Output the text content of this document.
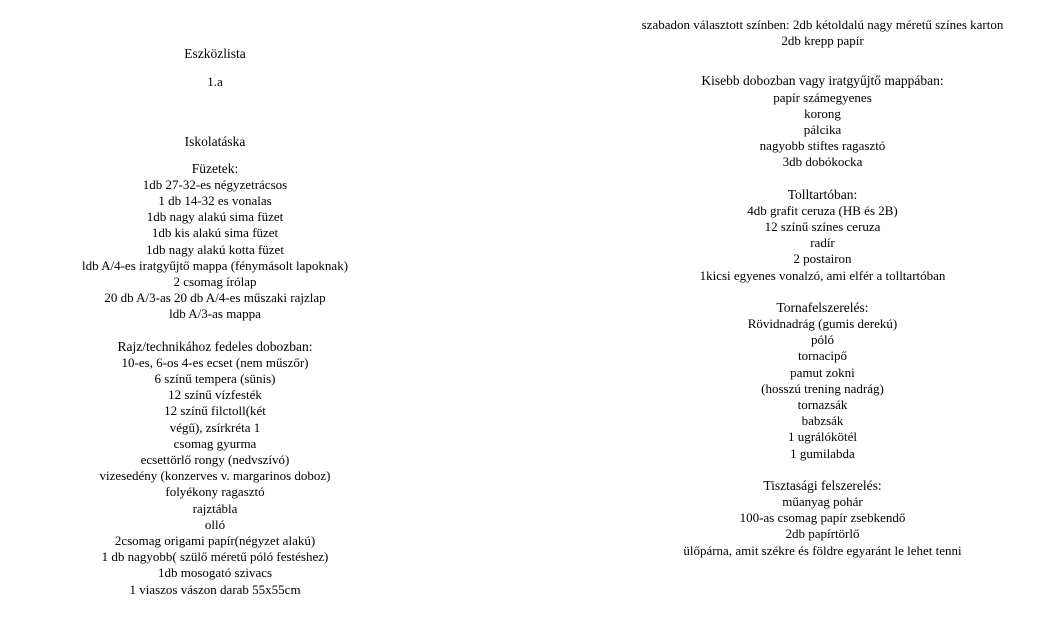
Eszközlista
1.a
Iskolatáska
Füzetek:
1db 27-32-es négyzetrácsos
1 db 14-32 es vonalas
1db nagy alakú sima füzet
1db kis alakú sima füzet
1db nagy alakú kotta füzet
ldb A/4-es iratgyűjtő mappa (fénymásolt lapoknak)
2 csomag írólap
20 db A/3-as 20 db A/4-es műszaki rajzlap
ldb A/3-as mappa
Rajz/technikához fedeles dobozban:
10-es, 6-os 4-es ecset (nem műszőr)
6 színű tempera (sünis)
12 színű vízfesték
12 színű filctoll(két
végű), zsírkréta 1
csomag gyurma
ecsettörlő rongy (nedvszívó)
vizesedény (konzerves v. margarinos doboz)
folyékony ragasztó
rajztábla
olló
2csomag origami papír(négyzet alakú)
1 db nagyobb( szülő méretű póló festéshez)
1db mosogató szivacs
1 viaszos vászon darab 55x55cm
szabadon választott színben: 2db kétoldalú nagy méretű színes karton
2db krepp papír
Kisebb dobozban vagy iratgyűjtő mappában:
papír számegyenes
korong
pálcika
nagyobb stiftes ragasztó
3db dobókocka
Tolltartóban:
4db grafit ceruza (HB és 2B)
12 színű színes ceruza
radír
2 postairon
1kicsi egyenes vonalzó, ami elfér a tolltartóban
Tornafelszerelés:
Rövidnadrág (gumis derekú)
póló
tornacipő
pamut zokni
(hosszú trening nadrág)
tornazsák
babzsák
1 ugrálókötél
1 gumilabda
Tisztasági felszerelés:
műanyag pohár
100-as csomag papír zsebkendő
2db papírtörlő
ülőpárna, amit székre és földre egyaránt le lehet tenni
